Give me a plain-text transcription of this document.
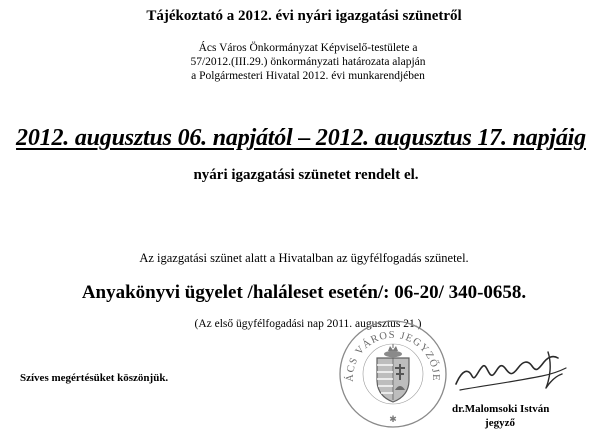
Tájékoztató a 2012. évi nyári igazgatási szünetről
Ács Város Önkormányzat Képviselő-testülete a
57/2012.(III.29.) önkormányzati határozata alapján
a Polgármesteri Hivatal 2012. évi munkarendjében
2012. augusztus 06. napjától – 2012. augusztus 17. napjáig
nyári igazgatási szünetet rendelt el.
Az igazgatási szünet alatt a Hivatalban az ügyfélfogadás szünetel.
Anyakönyvi ügyelet /haláleset esetén/: 06-20/ 340-0658.
(Az első ügyfélfogadási nap 2011. augusztus 21.)
Szíves megértésüket köszönjük.	ÁCS VÁROS JEGYZŐJE
✱
dr.Malomsoki István
jegyző
